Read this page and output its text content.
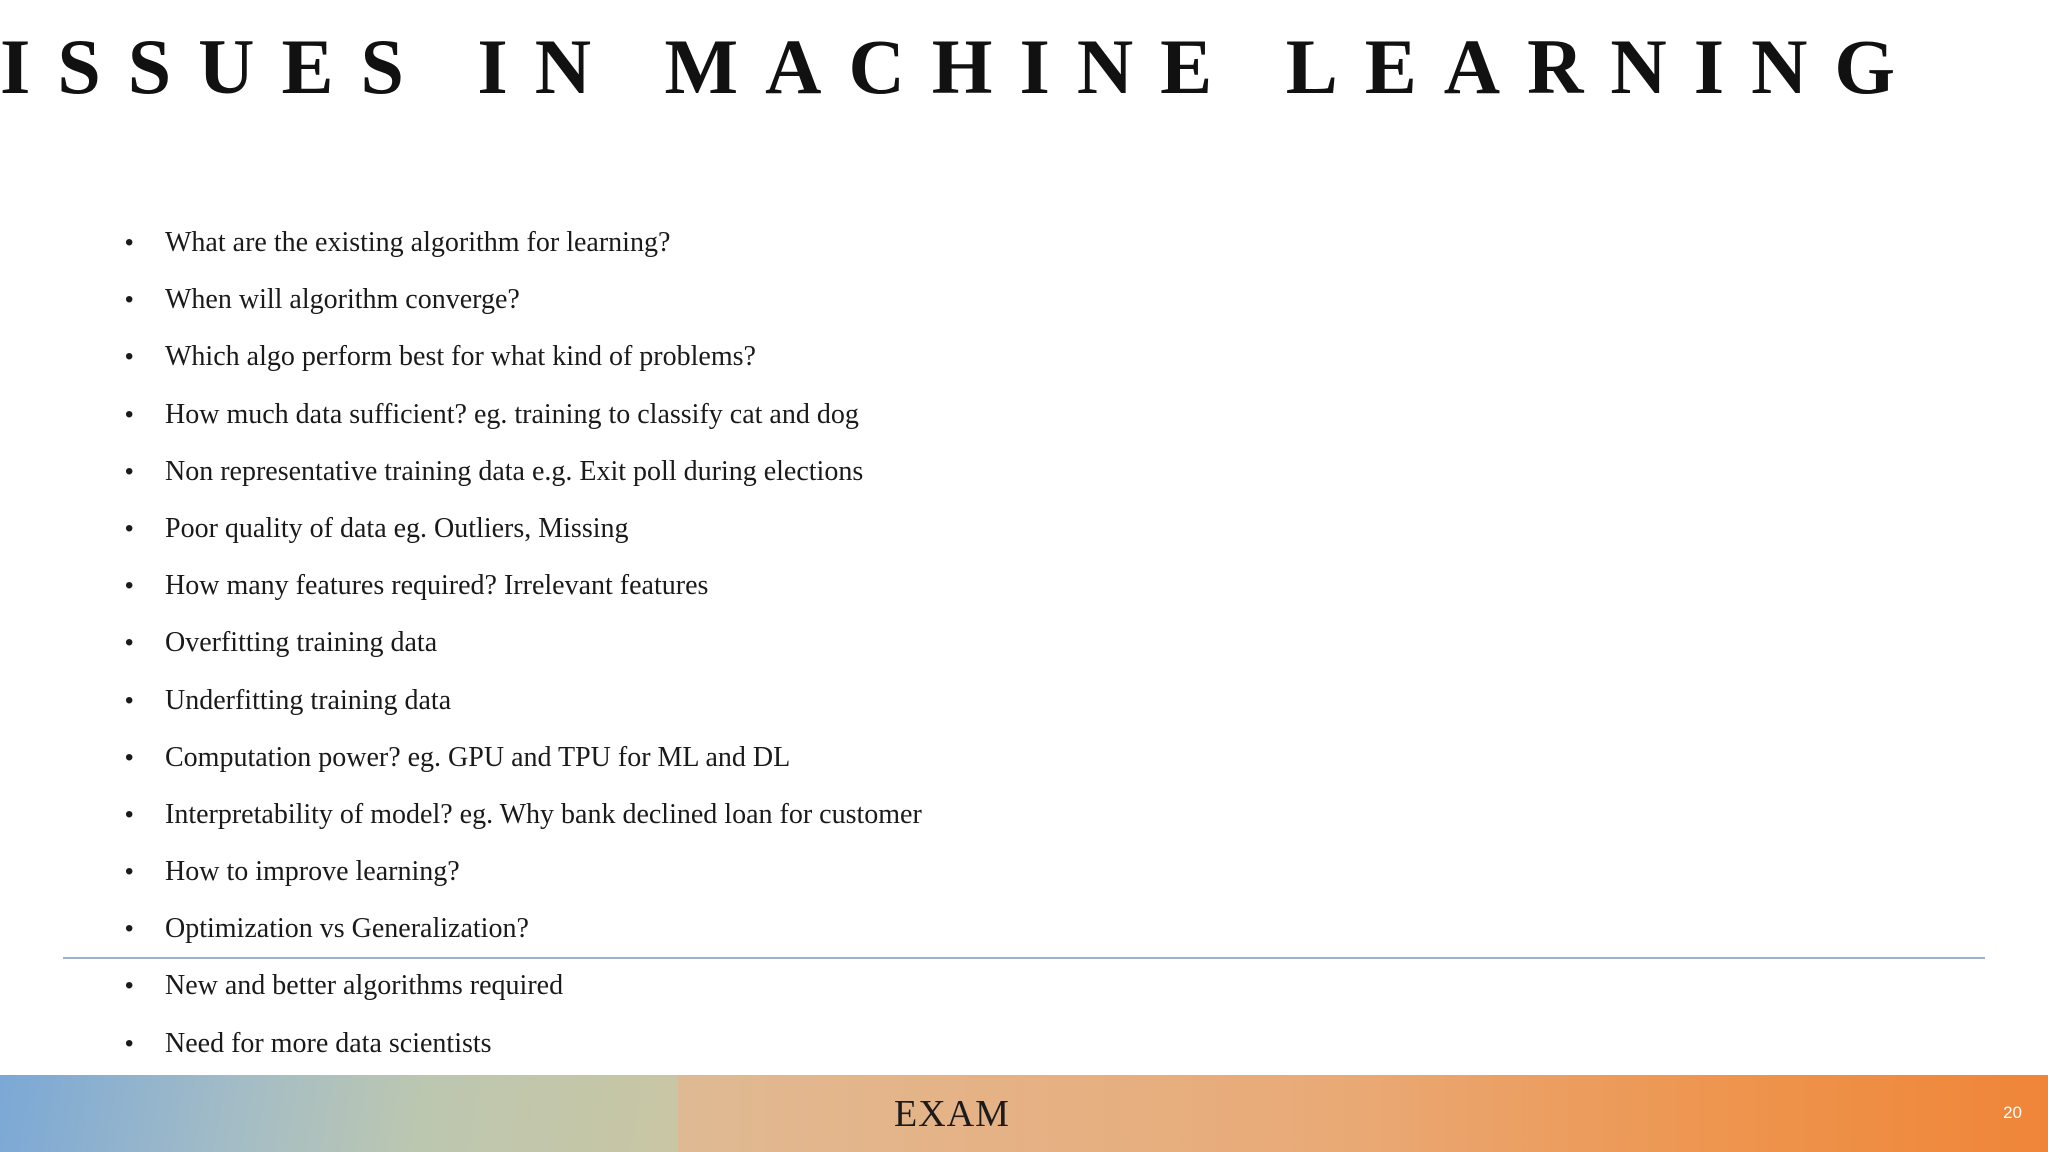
ISSUES IN MACHINE LEARNING
• What are the existing algorithm for learning?
• When will algorithm converge?
• Which algo perform best for what kind of problems?
• How much data sufficient? eg. training to classify cat and dog
• Non representative training data e.g. Exit poll during elections
• Poor quality of data eg. Outliers, Missing
• How many features required? Irrelevant features
• Overfitting training data
• Underfitting training data
• Computation power? eg. GPU and TPU for ML and DL
• Interpretability of model? eg. Why bank declined loan for customer
• How to improve learning?
• Optimization vs Generalization?
• New and better algorithms required
• Need for more data scientists
EXAM	20
